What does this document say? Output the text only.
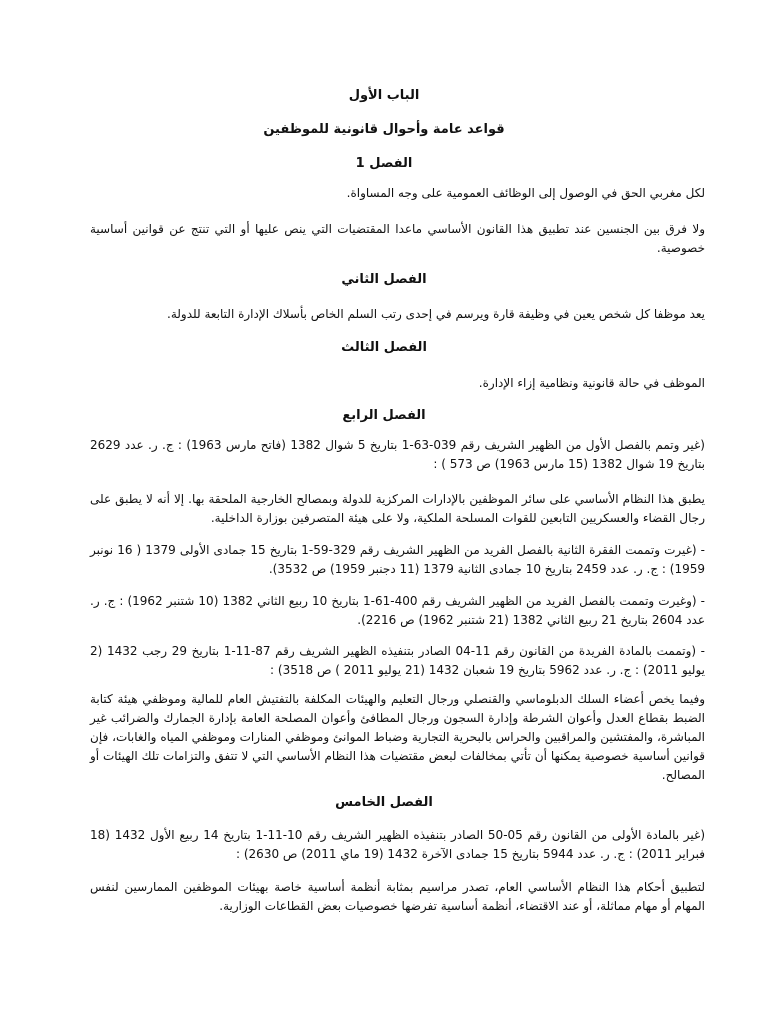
الباب الأول
قواعد عامة وأحوال قانونية للموظفين
الفصل 1
لكل مغربي الحق في الوصول إلى الوظائف العمومية على وجه المساواة.
ولا فرق بين الجنسين عند تطبيق هذا القانون الأساسي ماعدا المقتضيات التي ينص عليها أو التي تنتج عن قوانين أساسية خصوصية.
الفصل الثاني
يعد موظفا كل شخص يعين في وظيفة قارة ويرسم في إحدى رتب السلم الخاص بأسلاك الإدارة التابعة للدولة.
الفصل الثالث
الموظف في حالة قانونية ونظامية إزاء الإدارة.
الفصل الرابع
(غير وتمم بالفصل الأول من الظهير الشريف رقم 039-63-1 بتاريخ 5 شوال 1382 (فاتح مارس 1963) : ج. ر. عدد 2629 بتاريخ 19 شوال 1382 (15 مارس 1963) ص 573 ) :
يطبق هذا النظام الأساسي على سائر الموظفين بالإدارات المركزية للدولة وبمصالح الخارجية الملحقة بها. إلا أنه لا يطبق على رجال القضاء والعسكريين التابعين للقوات المسلحة الملكية، ولا على هيئة المتصرفين بوزارة الداخلية.
- (غيرت وتممت الفقرة الثانية بالفصل الفريد من الظهير الشريف رقم 329-59-1 بتاريخ 15 جمادى الأولى 1379 ( 16 نونبر 1959) : ج. ر. عدد 2459 بتاريخ 10 جمادى الثانية 1379 (11 دجنبر 1959) ص 3532).
- (وغيرت وتممت بالفصل الفريد من الظهير الشريف رقم 400-61-1 بتاريخ 10 ربيع الثاني 1382 (10 شتنبر 1962) : ج. ر. عدد 2604 بتاريخ 21 ربيع الثاني 1382 (21 شتنبر 1962) ص 2216).
- (وتممت بالمادة الفريدة من القانون رقم 11-04 الصادر بتنفيذه الظهير الشريف رقم 87-11-1 بتاريخ 29 رجب 1432 (2 يوليو 2011) : ج. ر. عدد 5962 بتاريخ 19 شعبان 1432 (21 يوليو 2011 ) ص 3518) :
وفيما يخص أعضاء السلك الدبلوماسي والقنصلي ورجال التعليم والهيئات المكلفة بالتفتيش العام للمالية وموظفي هيئة كتابة الضبط بقطاع العدل وأعوان الشرطة وإدارة السجون ورجال المطافئ وأعوان المصلحة العامة بإدارة الجمارك والضرائب غير المباشرة، والمفتشين والمراقبين والحراس بالبحرية التجارية وضباط الموانئ وموظفي المنارات وموظفي المياه والغابات، فإن قوانين أساسية خصوصية يمكنها أن تأتي بمخالفات لبعض مقتضيات هذا النظام الأساسي التي لا تتفق والتزامات تلك الهيئات أو المصالح.
الفصل الخامس
(غير بالمادة الأولى من القانون رقم 05-50 الصادر بتنفيذه الظهير الشريف رقم 10-11-1 بتاريخ 14 ربيع الأول 1432 (18 فبراير 2011) : ج. ر. عدد 5944 بتاريخ 15 جمادى الآخرة 1432 (19 ماي 2011) ص 2630) :
لتطبيق أحكام هذا النظام الأساسي العام، تصدر مراسيم بمثابة أنظمة أساسية خاصة بهيئات الموظفين الممارسين لنفس المهام أو مهام مماثلة، أو عند الاقتضاء، أنظمة أساسية تفرضها خصوصيات بعض القطاعات الوزارية.
